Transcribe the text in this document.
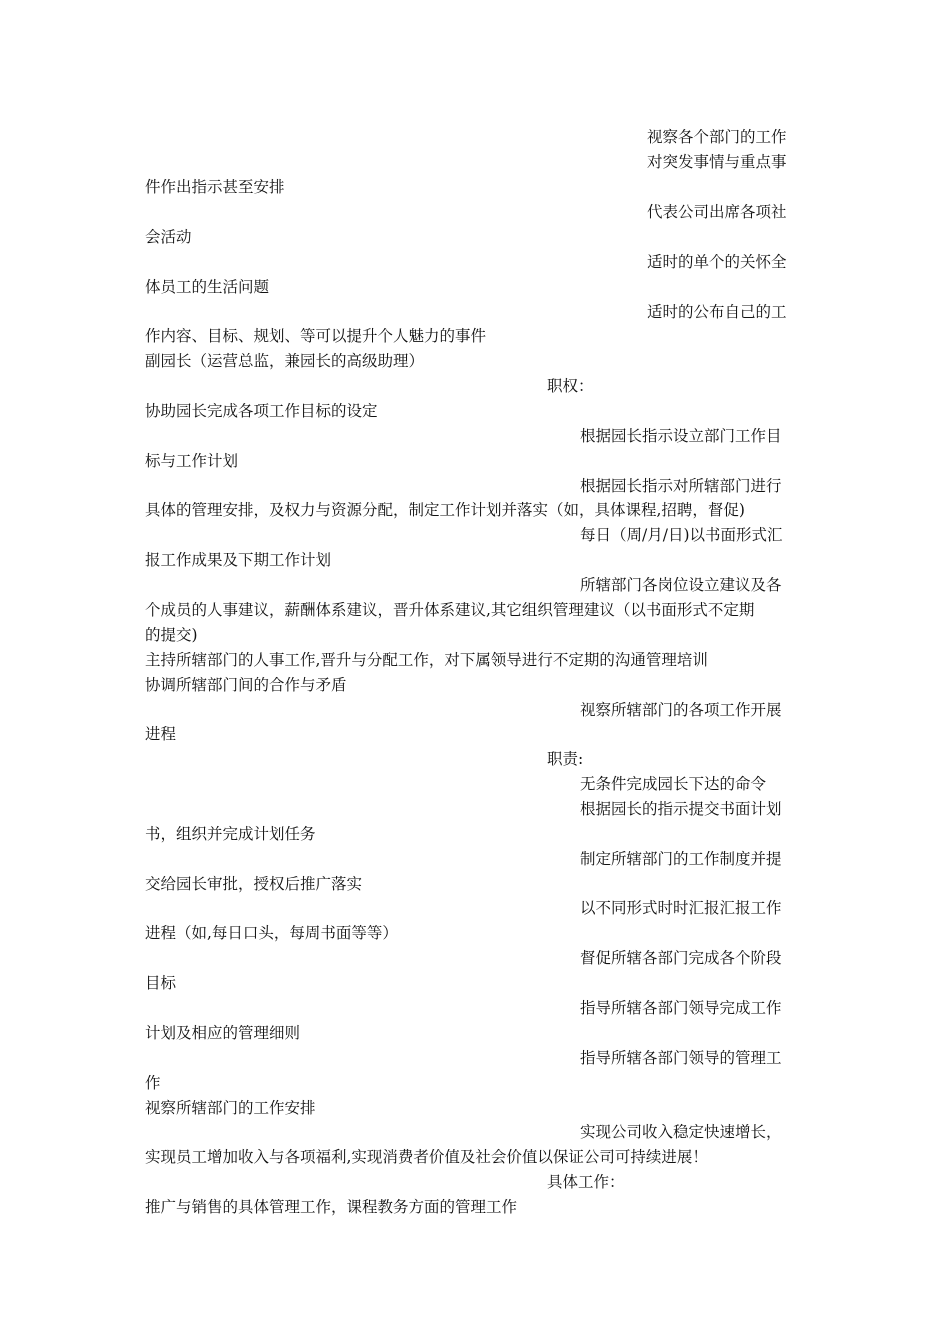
视察各个部门的工作
对突发事情与重点事
件作出指示甚至安排
代表公司出席各项社
会活动
适时的单个的关怀全
体员工的生活问题
适时的公布自己的工
作内容、目标、规划、等可以提升个人魅力的事件
副园长（运营总监，兼园长的高级助理）
职权：
协助园长完成各项工作目标的设定
根据园长指示设立部门工作目
标与工作计划
根据园长指示对所辖部门进行
具体的管理安排，及权力与资源分配，制定工作计划并落实（如，具体课程,招聘，督促)
每日（周/月/日)以书面形式汇
报工作成果及下期工作计划
所辖部门各岗位设立建议及各
个成员的人事建议，薪酬体系建议，晋升体系建议,其它组织管理建议（以书面形式不定期
的提交)
主持所辖部门的人事工作,晋升与分配工作，对下属领导进行不定期的沟通管理培训
协调所辖部门间的合作与矛盾
视察所辖部门的各项工作开展
进程
职责:
无条件完成园长下达的命令
根据园长的指示提交书面计划
书，组织并完成计划任务
制定所辖部门的工作制度并提
交给园长审批，授权后推广落实
以不同形式时时汇报汇报工作
进程（如,每日口头，每周书面等等）
督促所辖各部门完成各个阶段
目标
指导所辖各部门领导完成工作
计划及相应的管理细则
指导所辖各部门领导的管理工
作
视察所辖部门的工作安排
实现公司收入稳定快速增长，
实现员工增加收入与各项福利,实现消费者价值及社会价值以保证公司可持续进展！
具体工作：
推广与销售的具体管理工作，课程教务方面的管理工作
